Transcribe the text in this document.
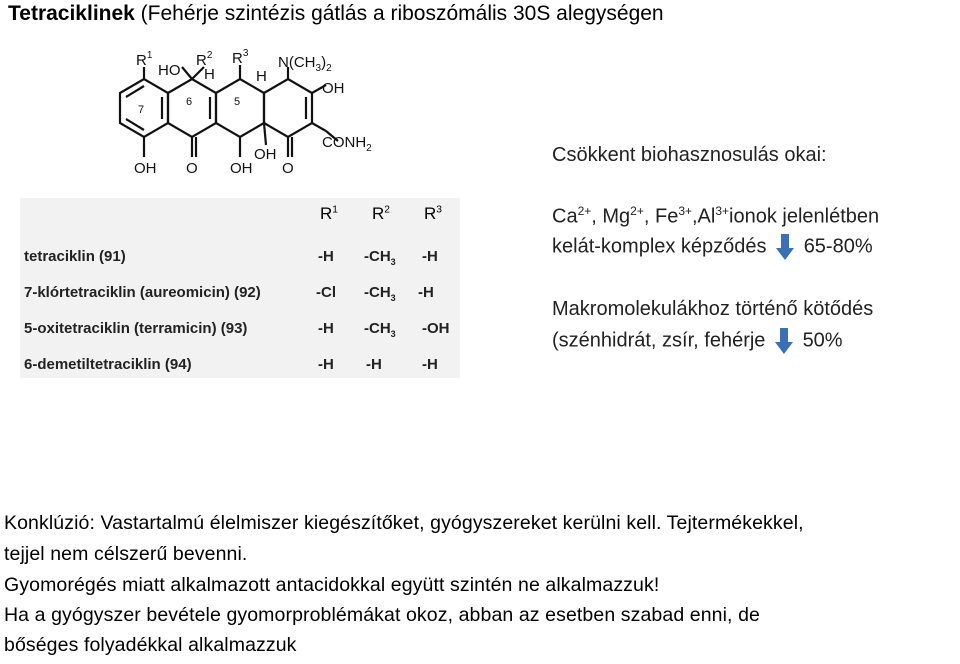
Tetraciklinek (Fehérje szintézis gátlás a riboszómális 30S alegységen
$R^1$
HO
$R^2$ $R^3$
H	H
$N(CH_3)_2$
OH
$CONH_2$
7
6	5
OH O OH
OH
O
$R^1$ $R^2$ $R^3$
tetraciklin (91)	-H $-CH_3$ -H
7-klórtetraciklin (aureomicin) (92)	-Cl $-CH_3$ -H
5-oxitetraciklin (terramicin) (93)	-H $-CH_3$ -OH
6-demetiltetraciklin (94)	-H -H	-H
Csökkent biohasznosulás okai:
$Ca^{2+}$, $Mg^{2+}$, $Fe^{3+},Al^{3+}ionok$ jelenlétben
kelát-komplex képződés 65-80%
Makromolekulákhoz történő kötődés
(szénhidrát, zsír, fehérje 50%
Konklúzió: Vastartalmú élelmiszer kiegészítőket, gyógyszereket kerülni kell. Tejtermékekkel,
tejjel nem célszerű bevenni.
Gyomorégés miatt alkalmazott antacidokkal együtt szintén ne alkalmazzuk!
Ha a gyógyszer bevétele gyomorproblémákat okoz, abban az esetben szabad enni, de
bőséges folyadékkal alkalmazzuk
